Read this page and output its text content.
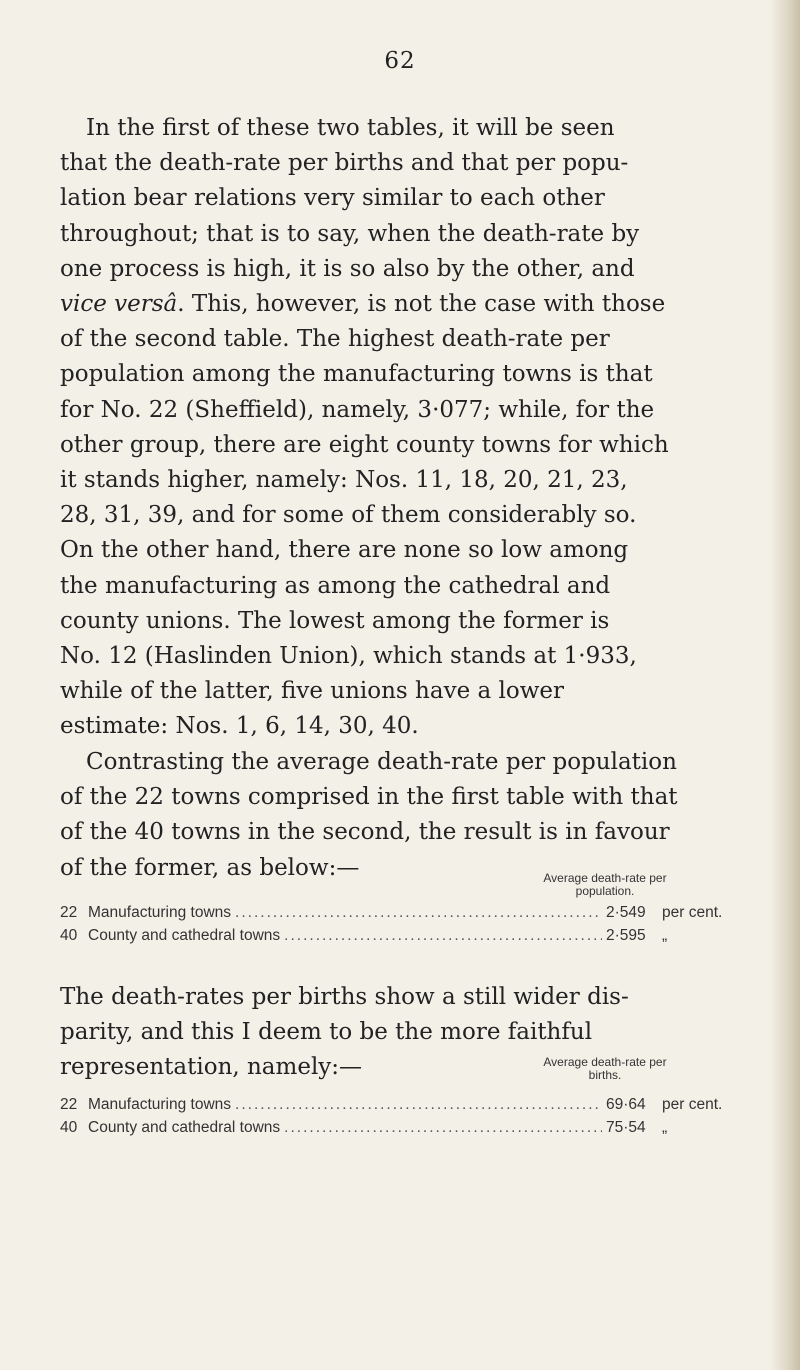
62
In the first of these two tables, it will be seen
that the death-rate per births and that per popu-
lation bear relations very similar to each other
throughout; that is to say, when the death-rate by
one process is high, it is so also by the other, and
vice versâ. This, however, is not the case with those
of the second table. The highest death-rate per
population among the manufacturing towns is that
for No. 22 (Sheffield), namely, 3·077; while, for the
other group, there are eight county towns for which
it stands higher, namely: Nos. 11, 18, 20, 21, 23,
28, 31, 39, and for some of them considerably so.
On the other hand, there are none so low among
the manufacturing as among the cathedral and
county unions. The lowest among the former is
No. 12 (Haslinden Union), which stands at 1·933,
while of the latter, five unions have a lower
estimate: Nos. 1, 6, 14, 30, 40.
Contrasting the average death-rate per population
of the 22 towns comprised in the first table with that
of the 40 towns in the second, the result is in favour
of the former, as below:—	Average death-rate per
population.
22 Manufacturing towns .....	2·549	per cent.
40 County and cathedral towns .....	2·595	„
The death-rates per births show a still wider dis-
parity, and this I deem to be the more faithful
representation, namely:—	Average death-rate per
births.
22 Manufacturing towns .....	69·64	per cent.
40 County and cathedral towns .....	75·54	„
